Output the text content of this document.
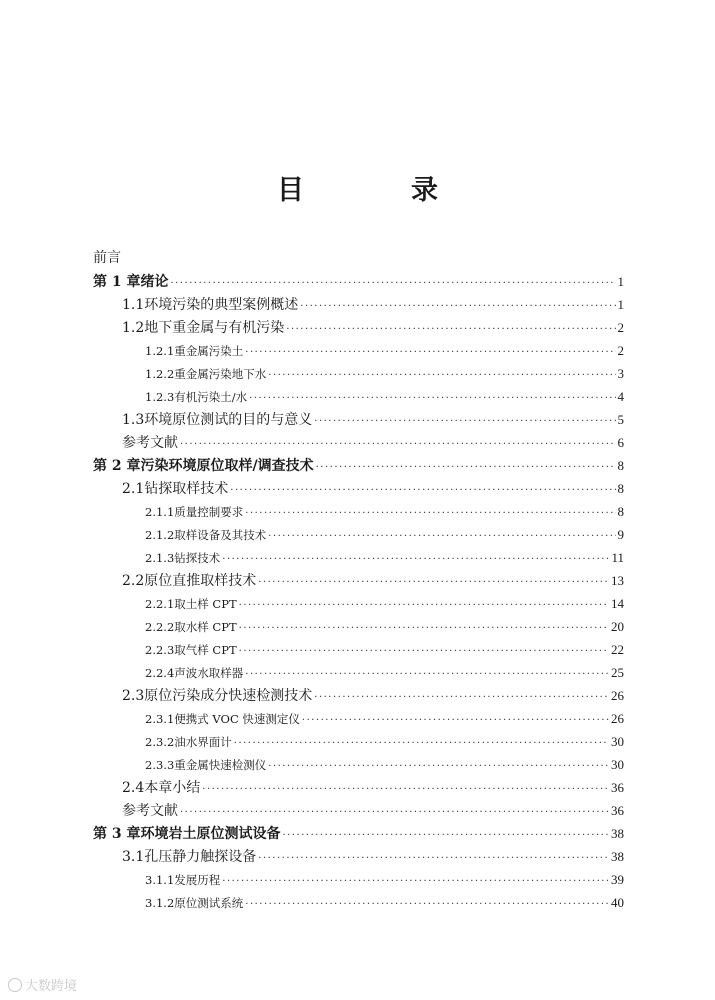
目　录
前言
第 1 章 绪论 ·····	1
1.1 环境污染的典型案例概述 ·····	1
1.2 地下重金属与有机污染 ·····	2
1.2.1 重金属污染土 ·····	2
1.2.2 重金属污染地下水 ·····	3
1.2.3 有机污染土/水 ·····	4
1.3 环境原位测试的目的与意义 ·····	5
参考文献 ·····	6
第 2 章 污染环境原位取样/调查技术 ·····	8
2.1 钻探取样技术 ·····	8
2.1.1 质量控制要求 ·····	8
2.1.2 取样设备及其技术 ·····	9
2.1.3 钻探技术 ·····	11
2.2 原位直推取样技术 ·····	13
2.2.1 取土样 CPT ·····	14
2.2.2 取水样 CPT ·····	20
2.2.3 取气样 CPT ·····	22
2.2.4 声波水取样器 ·····	25
2.3 原位污染成分快速检测技术 ·····	26
2.3.1 便携式 VOC 快速测定仪 ·····	26
2.3.2 油水界面计 ·····	30
2.3.3 重金属快速检测仪 ·····	30
2.4 本章小结 ·····	36
参考文献 ·····	36
第 3 章 环境岩土原位测试设备 ·····	38
3.1 孔压静力触探设备 ·····	38
3.1.1 发展历程 ·····	39
3.1.2 原位测试系统 ·····	40
大数跨境
